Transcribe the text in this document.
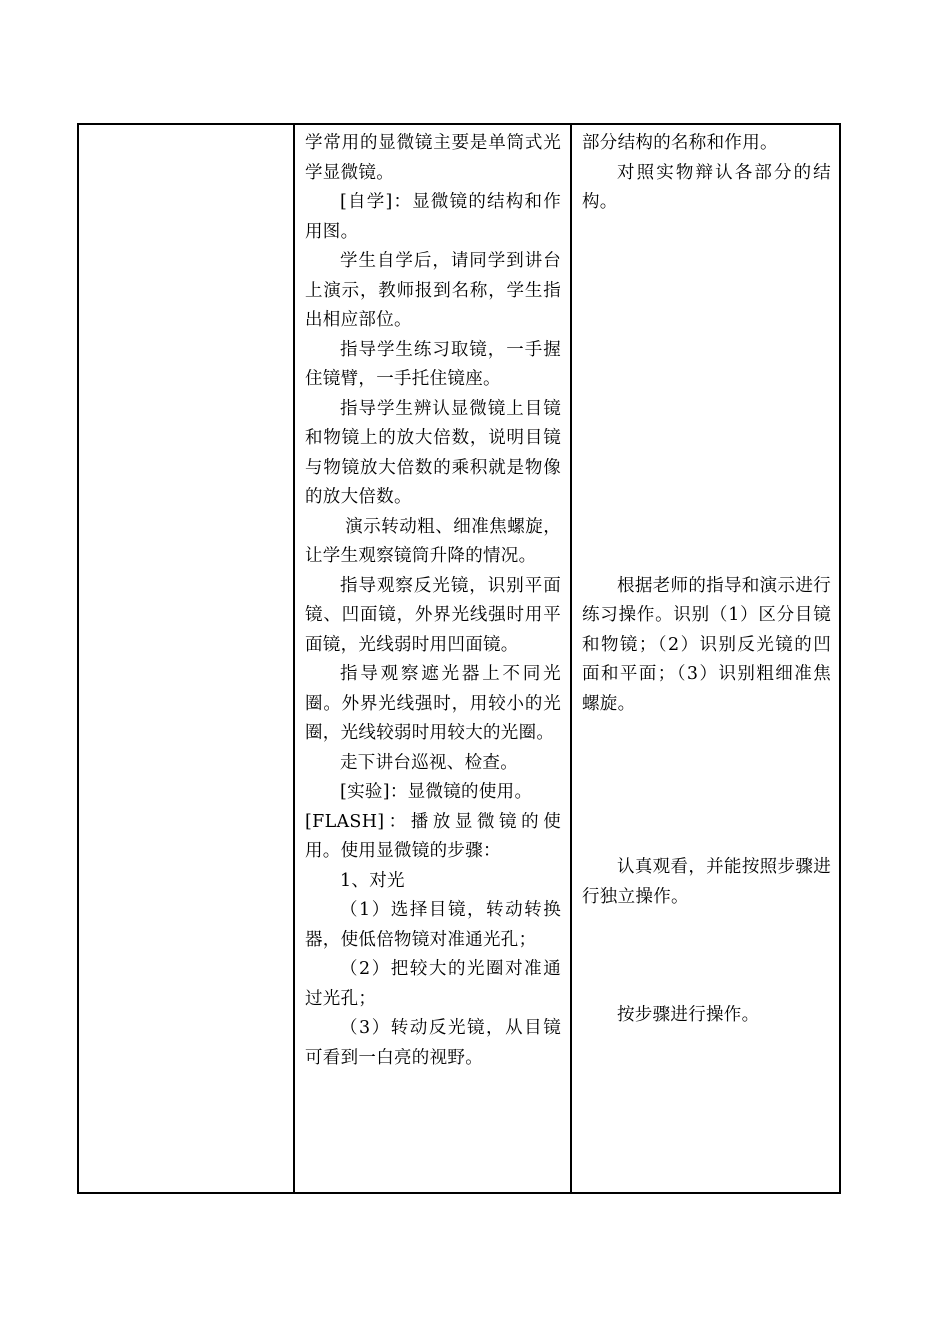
学常用的显微镜主要是单筒式光学显微镜。

[自学]：显微镜的结构和作用图。

学生自学后，请同学到讲台上演示，教师报到名称，学生指出相应部位。

指导学生练习取镜，一手握住镜臂，一手托住镜座。

指导学生辨认显微镜上目镜和物镜上的放大倍数，说明目镜与物镜放大倍数的乘积就是物像的放大倍数。

演示转动粗、细准焦螺旋，让学生观察镜筒升降的情况。

指导观察反光镜，识别平面镜、凹面镜，外界光线强时用平面镜，光线弱时用凹面镜。

指导观察遮光器上不同光圈。外界光线强时，用较小的光圈，光线较弱时用较大的光圈。

走下讲台巡视、检查。

[实验]：显微镜的使用。

[FLASH]：播放显微镜的使用。使用显微镜的步骤：

1、对光

（1）选择目镜，转动转换器，使低倍物镜对准通光孔；

（2）把较大的光圈对准通过光孔；

（3）转动反光镜，从目镜可看到一白亮的视野。

部分结构的名称和作用。

对照实物辩认各部分的结构。

根据老师的指导和演示进行练习操作。识别（1）区分目镜和物镜；（2）识别反光镜的凹面和平面；（3）识别粗细准焦螺旋。

认真观看，并能按照步骤进行独立操作。

按步骤进行操作。
